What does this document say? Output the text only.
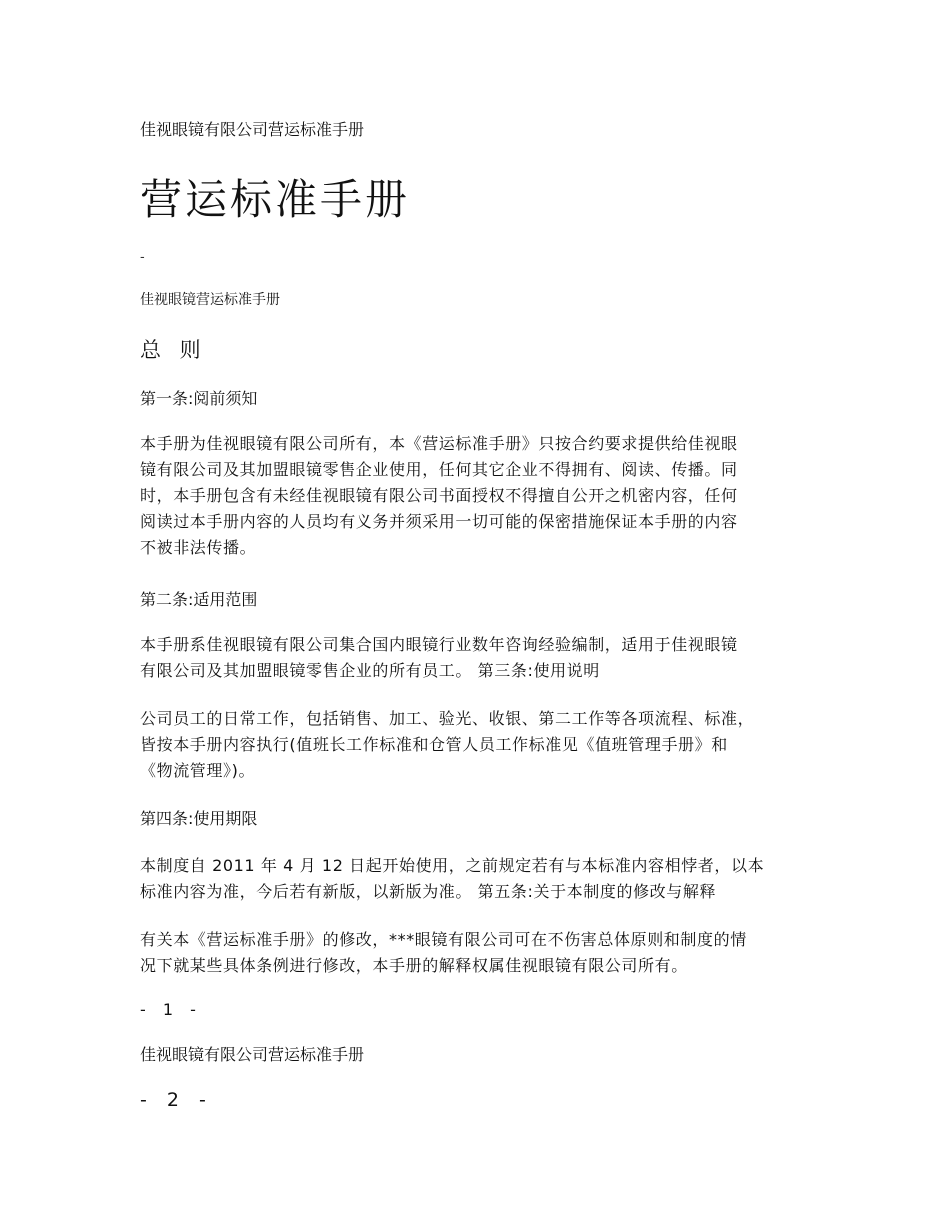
佳视眼镜有限公司营运标准手册
营运标准手册
-
佳视眼镜营运标准手册
总 则
第一条:阅前须知
本手册为佳视眼镜有限公司所有，本《营运标准手册》只按合约要求提供给佳视眼
镜有限公司及其加盟眼镜零售企业使用，任何其它企业不得拥有、阅读、传播。同
时，本手册包含有未经佳视眼镜有限公司书面授权不得擅自公开之机密内容，任何
阅读过本手册内容的人员均有义务并须采用一切可能的保密措施保证本手册的内容
不被非法传播。
第二条:适用范围
本手册系佳视眼镜有限公司集合国内眼镜行业数年咨询经验编制，适用于佳视眼镜
有限公司及其加盟眼镜零售企业的所有员工。 第三条:使用说明
公司员工的日常工作，包括销售、加工、验光、收银、第二工作等各项流程、标准，
皆按本手册内容执行(值班长工作标准和仓管人员工作标准见《值班管理手册》和
《物流管理》)。
第四条:使用期限
本制度自 2011 年 4 月 12 日起开始使用，之前规定若有与本标准内容相悖者，以本
标准内容为准，今后若有新版，以新版为准。 第五条:关于本制度的修改与解释
有关本《营运标准手册》的修改，***眼镜有限公司可在不伤害总体原则和制度的情
况下就某些具体条例进行修改，本手册的解释权属佳视眼镜有限公司所有。
- 1 -
佳视眼镜有限公司营运标准手册
- 2 -
